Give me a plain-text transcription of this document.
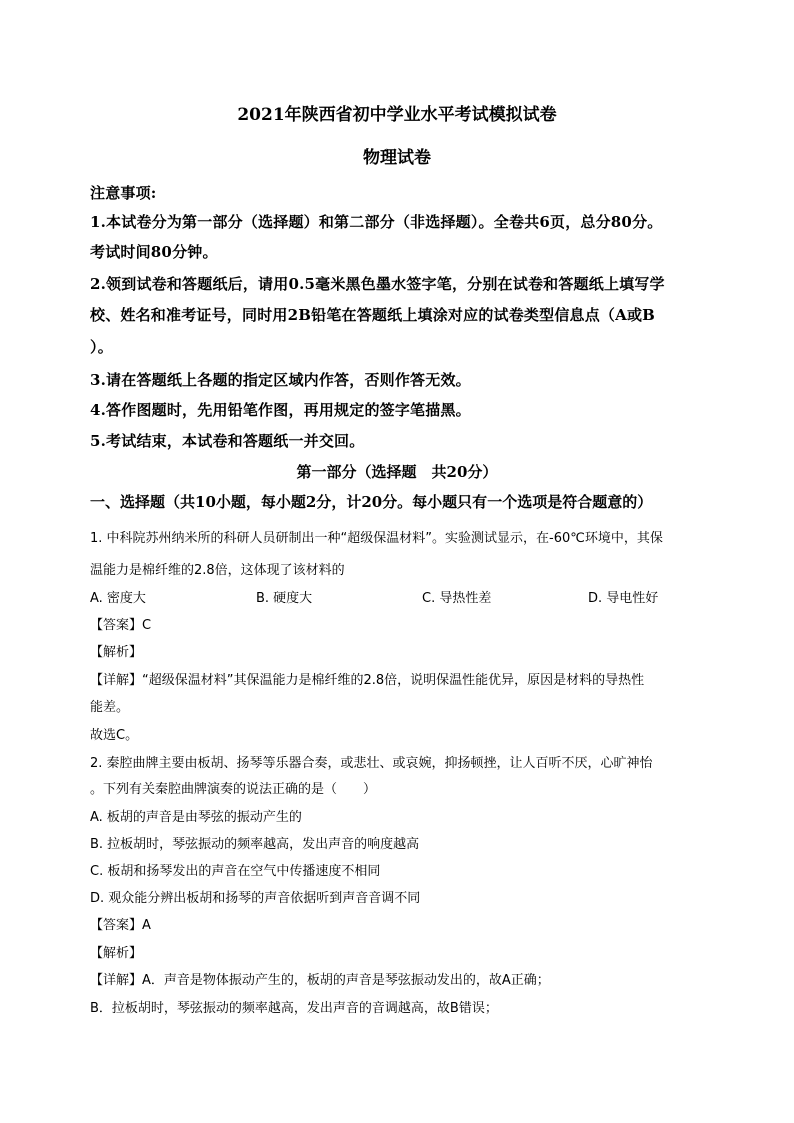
2021年陕西省初中学业水平考试模拟试卷
物理试卷
注意事项:
1.本试卷分为第一部分（选择题）和第二部分（非选择题）。全卷共6页，总分80分。
考试时间80分钟。
2.领到试卷和答题纸后，请用0.5毫米黑色墨水签字笔，分别在试卷和答题纸上填写学
校、姓名和准考证号，同时用2B铅笔在答题纸上填涂对应的试卷类型信息点（A或B
）。
3.请在答题纸上各题的指定区域内作答，否则作答无效。
4.答作图题时，先用铅笔作图，再用规定的签字笔描黑。
5.考试结束，本试卷和答题纸一并交回。
第一部分（选择题　共20分）
一、选择题（共10小题，每小题2分，计20分。每小题只有一个选项是符合题意的）
1. 中科院苏州纳米所的科研人员研制出一种“超级保温材料”。实验测试显示，在-60℃环境中，其保
温能力是棉纤维的2.8倍，这体现了该材料的
A. 密度大	B. 硬度大	C. 导热性差	D. 导电性好
【答案】C
【解析】
【详解】“超级保温材料”其保温能力是棉纤维的2.8倍，说明保温性能优异，原因是材料的导热性
能差。
故选C。
2. 秦腔曲牌主要由板胡、扬琴等乐器合奏，或悲壮、或哀婉，抑扬顿挫，让人百听不厌，心旷神怡
。下列有关秦腔曲牌演奏的说法正确的是（　　）
A. 板胡的声音是由琴弦的振动产生的
B. 拉板胡时，琴弦振动的频率越高，发出声音的响度越高
C. 板胡和扬琴发出的声音在空气中传播速度不相同
D. 观众能分辨出板胡和扬琴的声音依据听到声音音调不同
【答案】A
【解析】
【详解】A．声音是物体振动产生的，板胡的声音是琴弦振动发出的，故A正确；
B．拉板胡时，琴弦振动的频率越高，发出声音的音调越高，故B错误；
